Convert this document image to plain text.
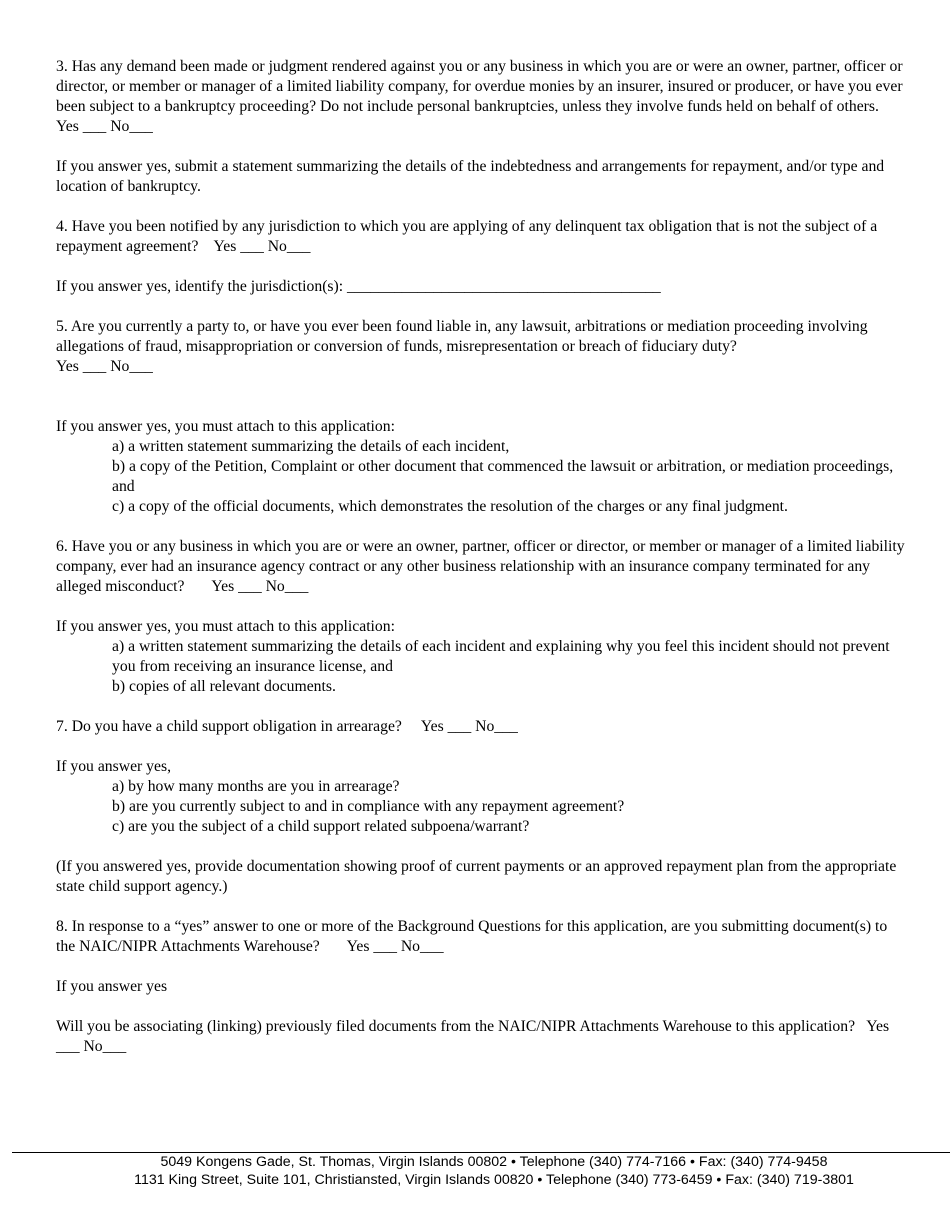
3. Has any demand been made or judgment rendered against you or any business in which you are or were an owner, partner, officer or director, or member or manager of a limited liability company, for overdue monies by an insurer, insured or producer, or have you ever been subject to a bankruptcy proceeding? Do not include personal bankruptcies, unless they involve funds held on behalf of others.       Yes ___ No___

If you answer yes, submit a statement summarizing the details of the indebtedness and arrangements for repayment, and/or type and location of bankruptcy.

4. Have you been notified by any jurisdiction to which you are applying of any delinquent tax obligation that is not the subject of a repayment agreement? Yes ___ No___

If you answer yes, identify the jurisdiction(s): ________________________________________

5. Are you currently a party to, or have you ever been found liable in, any lawsuit, arbitrations or mediation proceeding involving allegations of fraud, misappropriation or conversion of funds, misrepresentation or breach of fiduciary duty?
Yes ___ No___

If you answer yes, you must attach to this application:
a) a written statement summarizing the details of each incident,
b) a copy of the Petition, Complaint or other document that commenced the lawsuit or arbitration, or mediation proceedings, and
c) a copy of the official documents, which demonstrates the resolution of the charges or any final judgment.

6. Have you or any business in which you are or were an owner, partner, officer or director, or member or manager of a limited liability company, ever had an insurance agency contract or any other business relationship with an insurance company terminated for any alleged misconduct? Yes ___ No___

If you answer yes, you must attach to this application:
a) a written statement summarizing the details of each incident and explaining why you feel this incident should not prevent you from receiving an insurance license, and
b) copies of all relevant documents.

7. Do you have a child support obligation in arrearage? Yes ___ No___

If you answer yes,
a) by how many months are you in arrearage?
b) are you currently subject to and in compliance with any repayment agreement?
c) are you the subject of a child support related subpoena/warrant?

(If you answered yes, provide documentation showing proof of current payments or an approved repayment plan from the appropriate state child support agency.)

8. In response to a “yes” answer to one or more of the Background Questions for this application, are you submitting document(s) to the NAIC/NIPR Attachments Warehouse? Yes ___ No___

If you answer yes

Will you be associating (linking) previously filed documents from the NAIC/NIPR Attachments Warehouse to this application? Yes ___ No___

5049 Kongens Gade, St. Thomas, Virgin Islands 00802 • Telephone (340) 774-7166 • Fax: (340) 774-9458
1131 King Street, Suite 101, Christiansted, Virgin Islands 00820 • Telephone (340) 773-6459 • Fax: (340) 719-3801
